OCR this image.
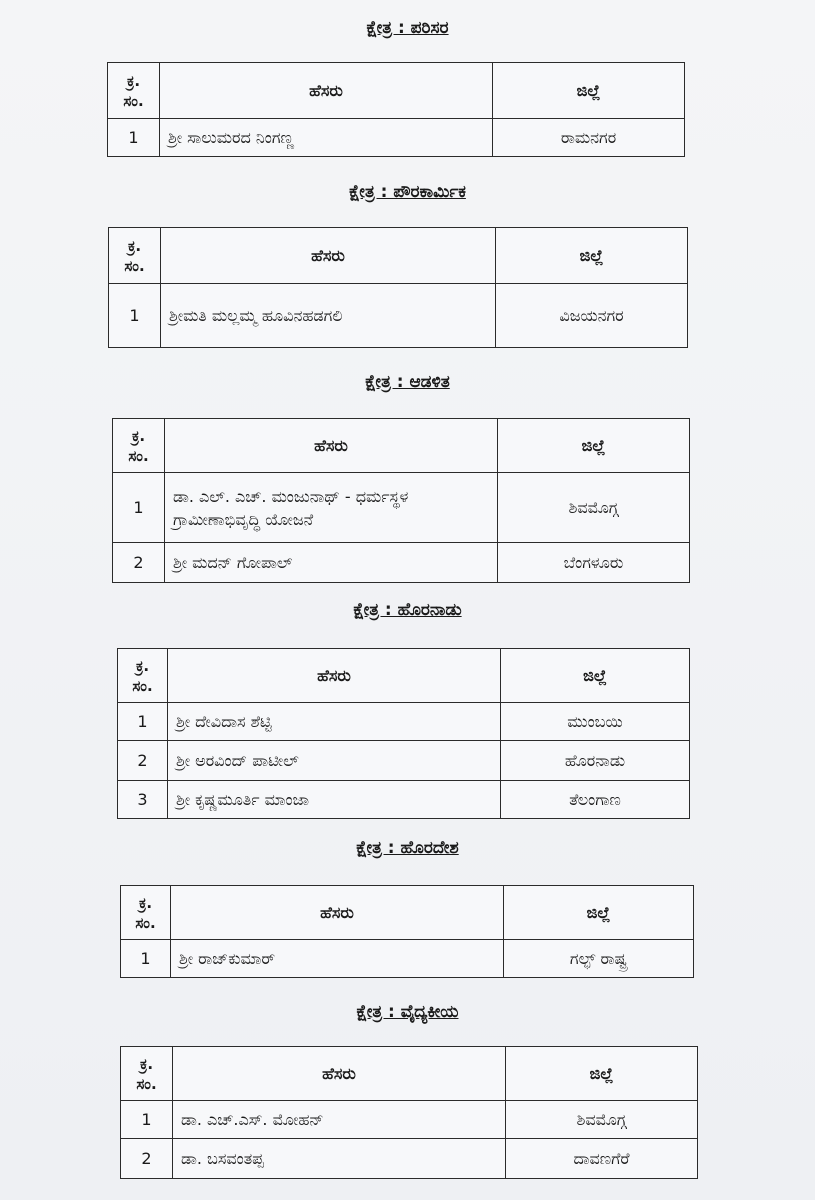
ಕ್ಷೇತ್ರ : ಪರಿಸರ
ಕ್ರ. ಸಂ.	ಹೆಸರು	ಜಿಲ್ಲೆ
1	ಶ್ರೀ ಸಾಲುಮರದ ನಿಂಗಣ್ಣ	ರಾಮನಗರ
ಕ್ಷೇತ್ರ : ಪೌರಕಾರ್ಮಿಕ
ಕ್ರ. ಸಂ.	ಹೆಸರು	ಜಿಲ್ಲೆ
1	ಶ್ರೀಮತಿ ಮಲ್ಲಮ್ಮ ಹೂವಿನಹಡಗಲಿ	ವಿಜಯನಗರ
ಕ್ಷೇತ್ರ : ಆಡಳಿತ
ಕ್ರ. ಸಂ.	ಹೆಸರು	ಜಿಲ್ಲೆ
1	ಡಾ. ಎಲ್. ಎಚ್. ಮಂಜುನಾಥ್ - ಧರ್ಮಸ್ಥಳ ಗ್ರಾಮೀಣಾಭಿವೃದ್ಧಿ ಯೋಜನೆ	ಶಿವಮೊಗ್ಗ
2	ಶ್ರೀ ಮದನ್ ಗೋಪಾಲ್	ಬೆಂಗಳೂರು
ಕ್ಷೇತ್ರ : ಹೊರನಾಡು
ಕ್ರ. ಸಂ.	ಹೆಸರು	ಜಿಲ್ಲೆ
1	ಶ್ರೀ ದೇವಿದಾಸ ಶೆಟ್ಟಿ	ಮುಂಬಯಿ
2	ಶ್ರೀ ಅರವಿಂದ್ ಪಾಟೀಲ್	ಹೊರನಾಡು
3	ಶ್ರೀ ಕೃಷ್ಣಮೂರ್ತಿ ಮಾಂಜಾ	ತೆಲಂಗಾಣ
ಕ್ಷೇತ್ರ : ಹೊರದೇಶ
ಕ್ರ. ಸಂ.	ಹೆಸರು	ಜಿಲ್ಲೆ
1	ಶ್ರೀ ರಾಜ್‌ಕುಮಾರ್	ಗಲ್ಫ್ ರಾಷ್ಟ್ರ
ಕ್ಷೇತ್ರ : ವೈದ್ಯಕೀಯ
ಕ್ರ. ಸಂ.	ಹೆಸರು	ಜಿಲ್ಲೆ
1	ಡಾ. ಎಚ್.ಎಸ್. ಮೋಹನ್	ಶಿವಮೊಗ್ಗ
2	ಡಾ. ಬಸವಂತಪ್ಪ	ದಾವಣಗೆರೆ
